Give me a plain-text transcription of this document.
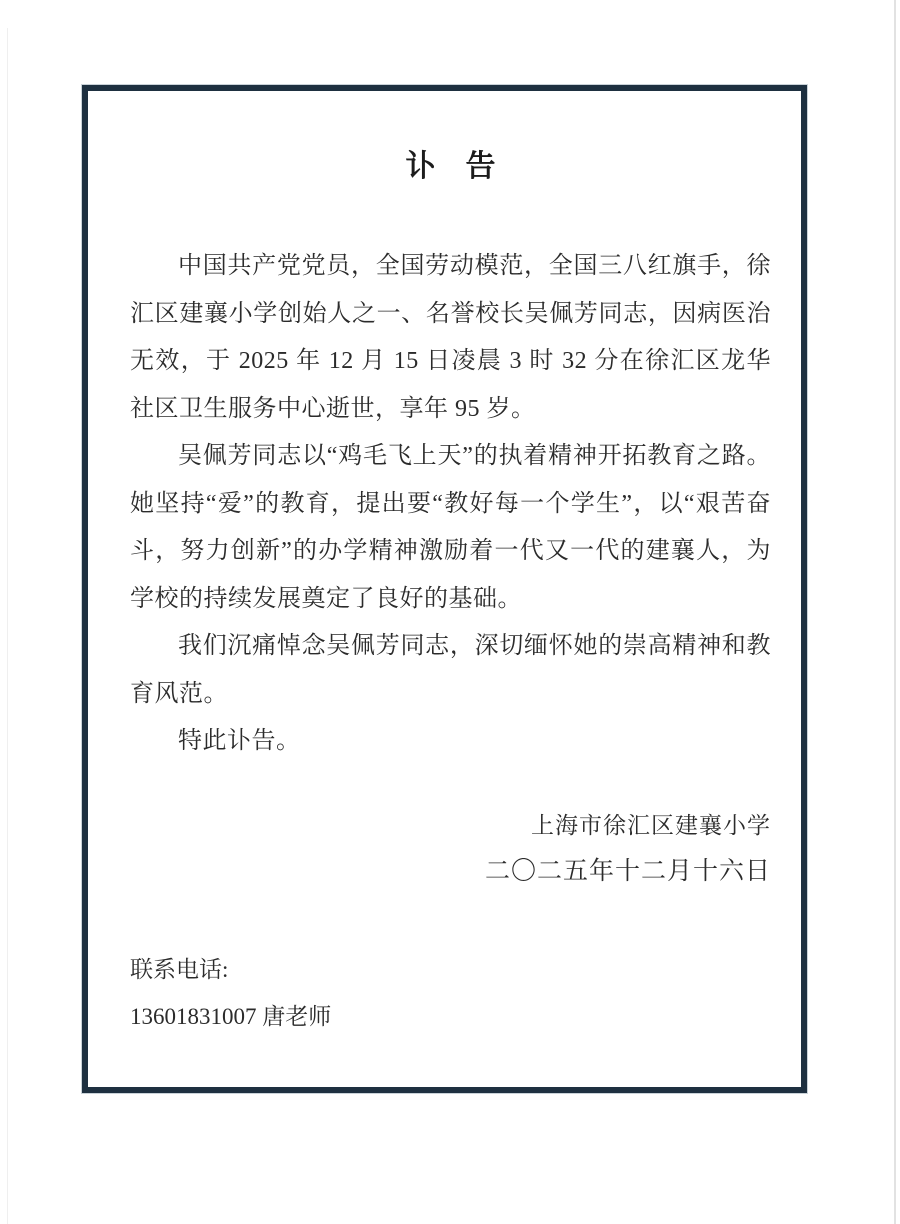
讣　告

中国共产党党员，全国劳动模范，全国三八红旗手，徐汇区建襄小学创始人之一、名誉校长吴佩芳同志，因病医治无效，于 2025 年 12 月 15 日凌晨 3 时 32 分在徐汇区龙华社区卫生服务中心逝世，享年 95 岁。

吴佩芳同志以“鸡毛飞上天”的执着精神开拓教育之路。她坚持“爱”的教育，提出要“教好每一个学生”，以“艰苦奋斗，努力创新”的办学精神激励着一代又一代的建襄人，为学校的持续发展奠定了良好的基础。

我们沉痛悼念吴佩芳同志，深切缅怀她的崇高精神和教育风范。

特此讣告。

上海市徐汇区建襄小学
二〇二五年十二月十六日
联系电话:
13601831007 唐老师
